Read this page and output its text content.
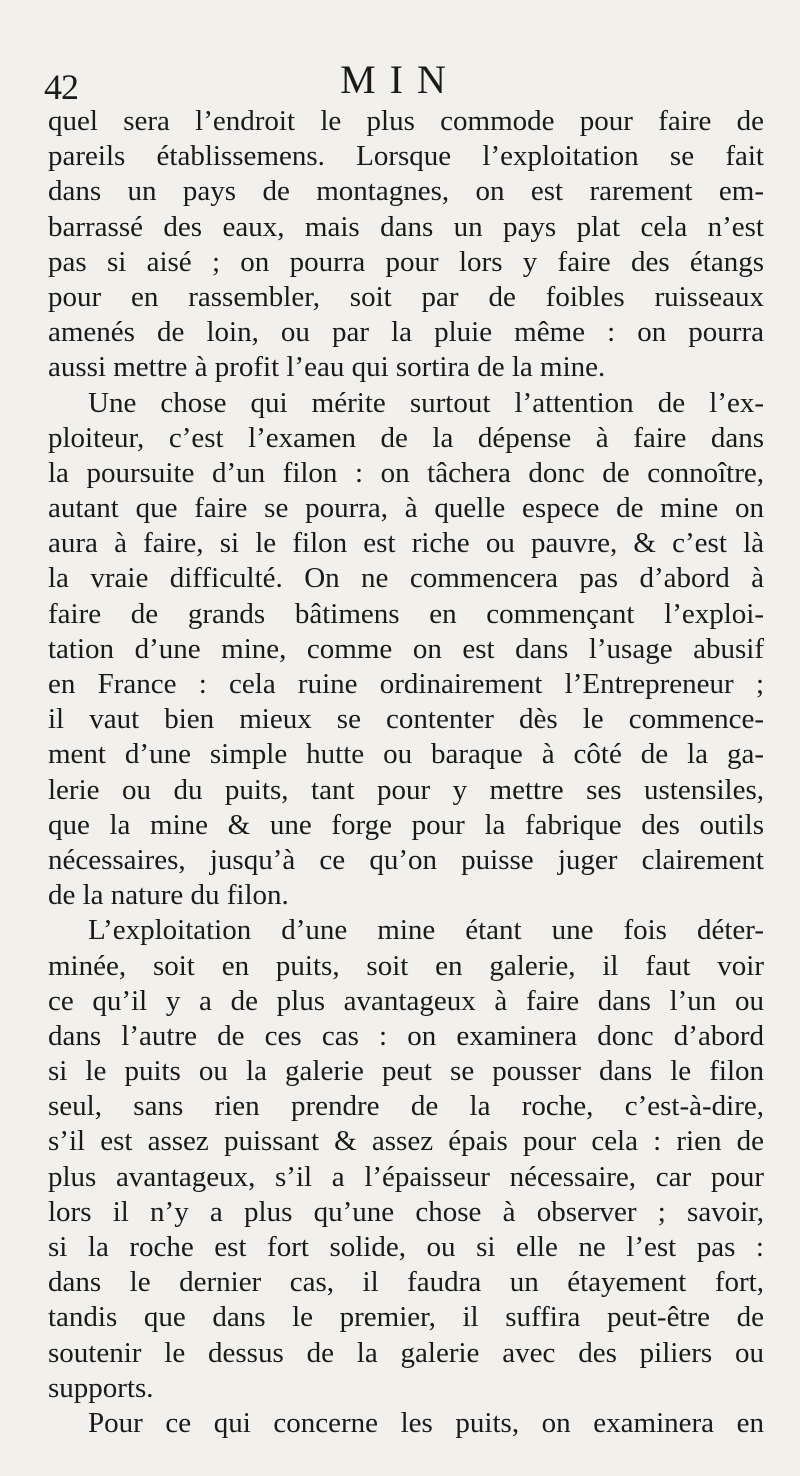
42	MIN
quel sera l’endroit le plus commode pour faire de
pareils établissemens. Lorsque l’exploitation se fait
dans un pays de montagnes, on est rarement em-
barrassé des eaux, mais dans un pays plat cela n’est
pas si aisé ; on pourra pour lors y faire des étangs
pour en rassembler, soit par de foibles ruisseaux
amenés de loin, ou par la pluie même : on pourra
aussi mettre à profit l’eau qui sortira de la mine.
Une chose qui mérite surtout l’attention de l’ex-
ploiteur, c’est l’examen de la dépense à faire dans
la poursuite d’un filon : on tâchera donc de connoître,
autant que faire se pourra, à quelle espece de mine on
aura à faire, si le filon est riche ou pauvre, & c’est là
la vraie difficulté. On ne commencera pas d’abord à
faire de grands bâtimens en commençant l’exploi-
tation d’une mine, comme on est dans l’usage abusif
en France : cela ruine ordinairement l’Entrepreneur ;
il vaut bien mieux se contenter dès le commence-
ment d’une simple hutte ou baraque à côté de la ga-
lerie ou du puits, tant pour y mettre ses ustensiles,
que la mine & une forge pour la fabrique des outils
nécessaires, jusqu’à ce qu’on puisse juger clairement
de la nature du filon.
L’exploitation d’une mine étant une fois déter-
minée, soit en puits, soit en galerie, il faut voir
ce qu’il y a de plus avantageux à faire dans l’un ou
dans l’autre de ces cas : on examinera donc d’abord
si le puits ou la galerie peut se pousser dans le filon
seul, sans rien prendre de la roche, c’est-à-dire,
s’il est assez puissant & assez épais pour cela : rien de
plus avantageux, s’il a l’épaisseur nécessaire, car pour
lors il n’y a plus qu’une chose à observer ; savoir,
si la roche est fort solide, ou si elle ne l’est pas :
dans le dernier cas, il faudra un étayement fort,
tandis que dans le premier, il suffira peut-être de
soutenir le dessus de la galerie avec des piliers ou
supports.
Pour ce qui concerne les puits, on examinera en
